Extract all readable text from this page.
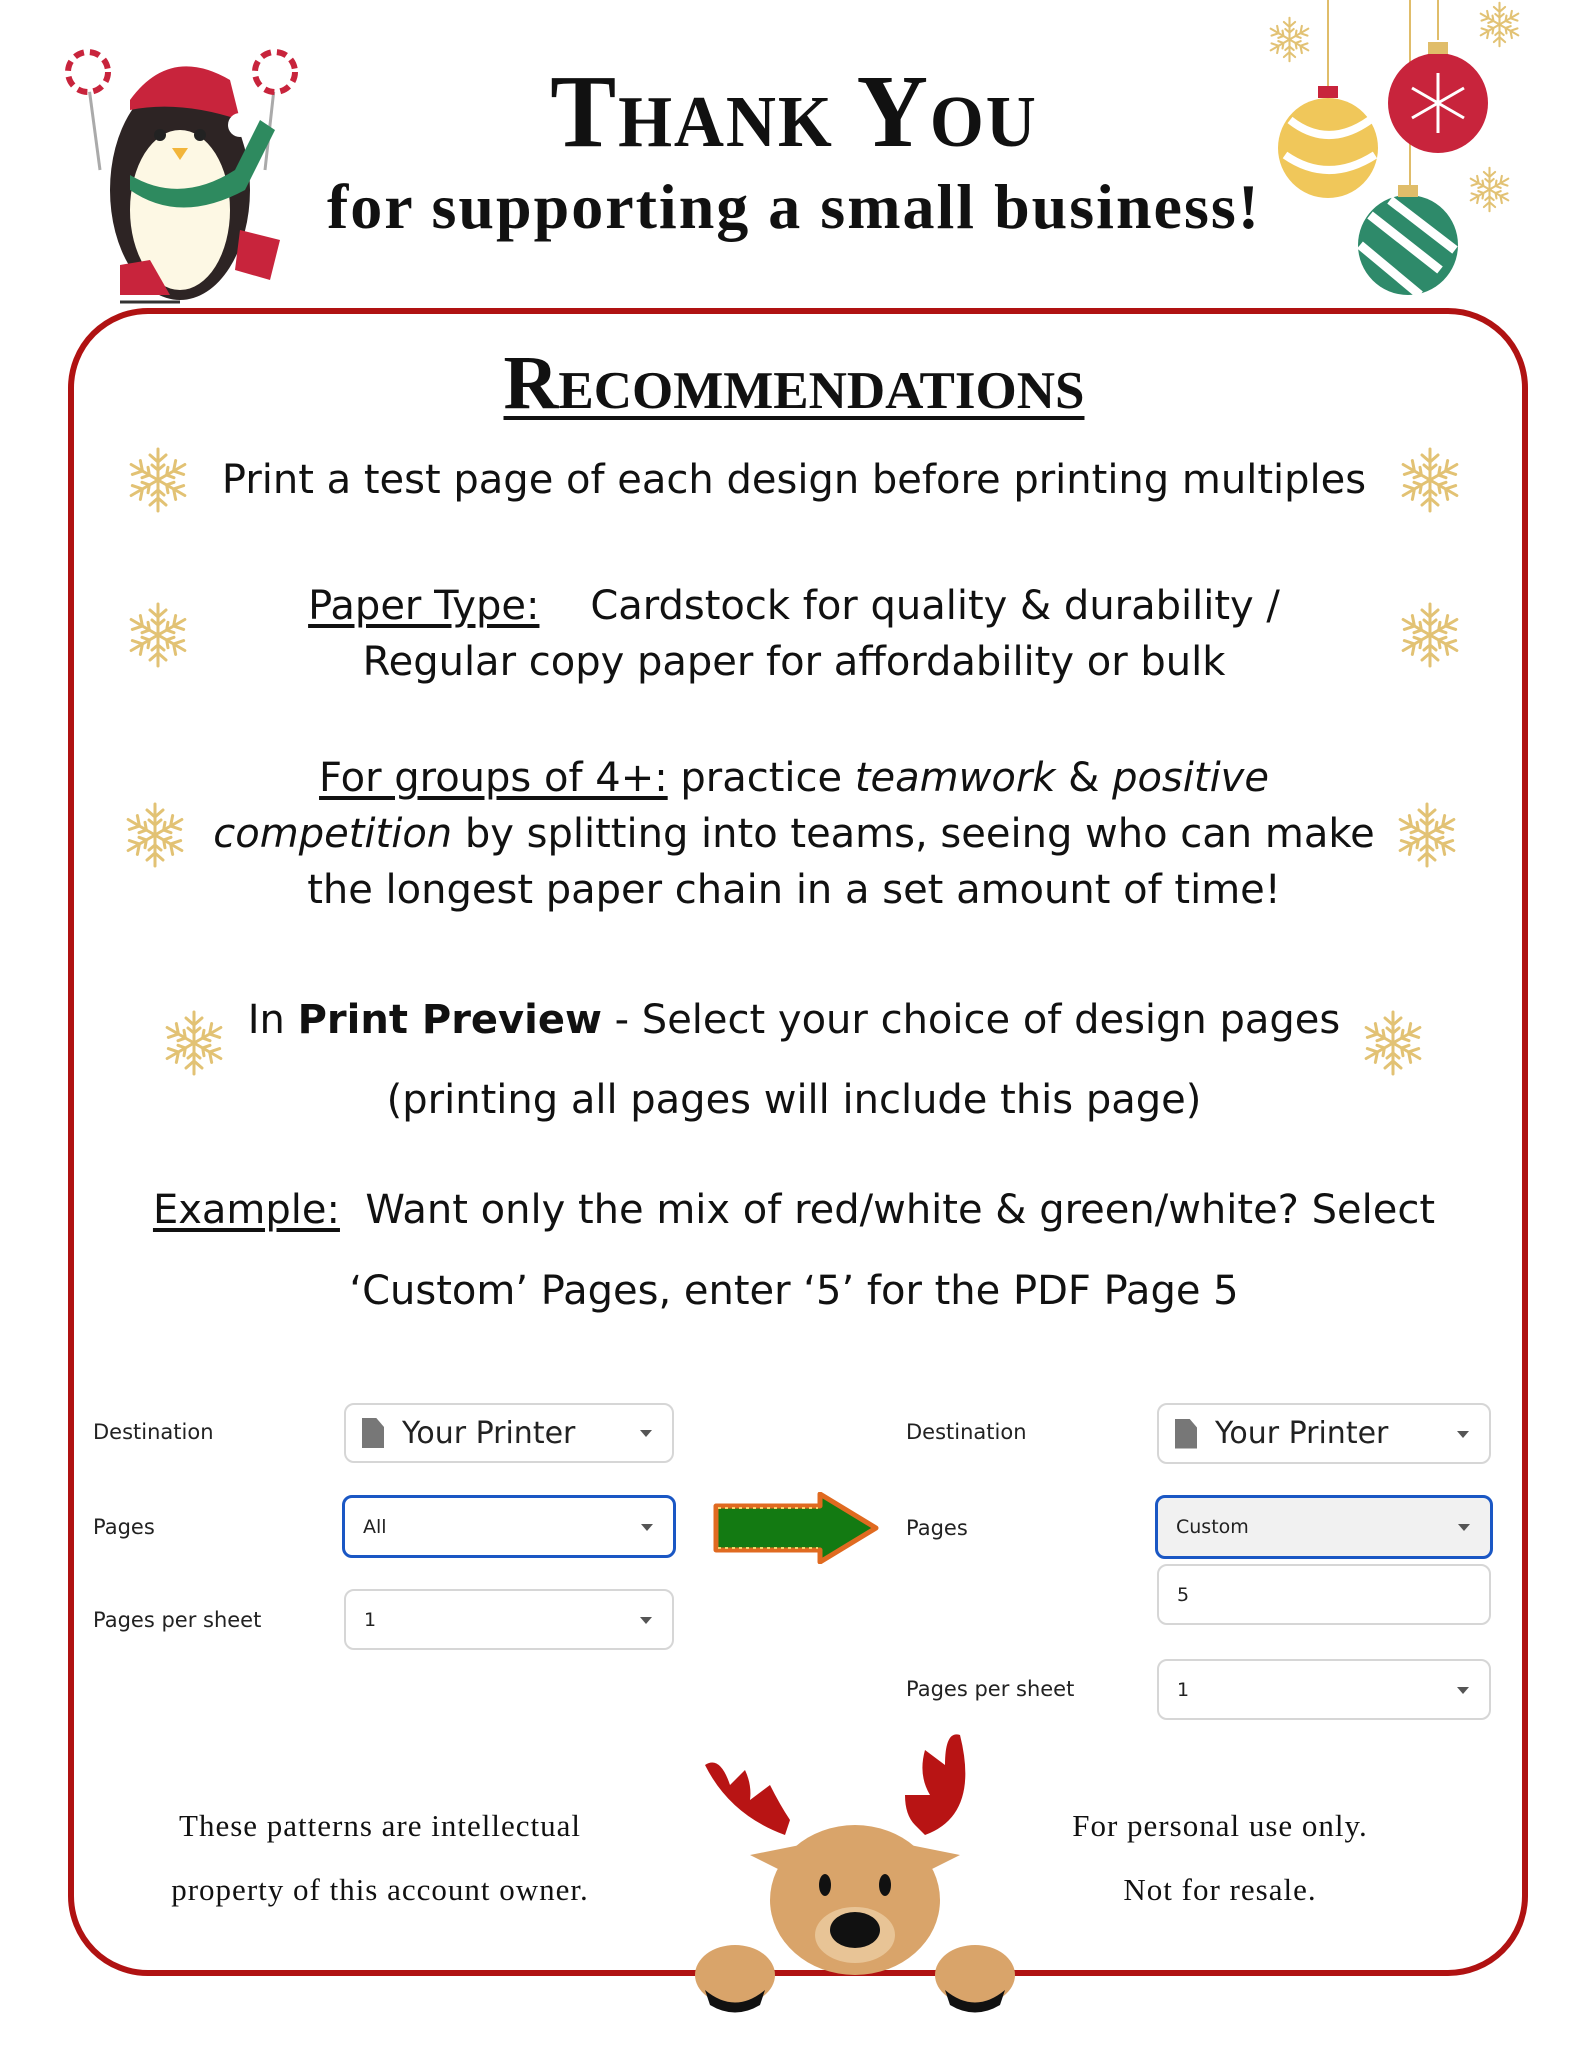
Thank You
for supporting a small business!
Recommendations
Print a test page of each design before printing multiples
Paper Type: Cardstock for quality & durability /
Regular copy paper for affordability or bulk
For groups of 4+: practice teamwork & positive
competition by splitting into teams, seeing who can make
the longest paper chain in a set amount of time!
In Print Preview - Select your choice of design pages
(printing all pages will include this page)
Example:  Want only the mix of red/white & green/white? Select
‘Custom’ Pages, enter ‘5’ for the PDF Page 5
Destination	Your Printer
Pages	All
Pages per sheet	1
Destination	Your Printer
Pages	Custom
5
Pages per sheet	1
These patterns are intellectual
property of this account owner.
For personal use only.
Not for resale.
